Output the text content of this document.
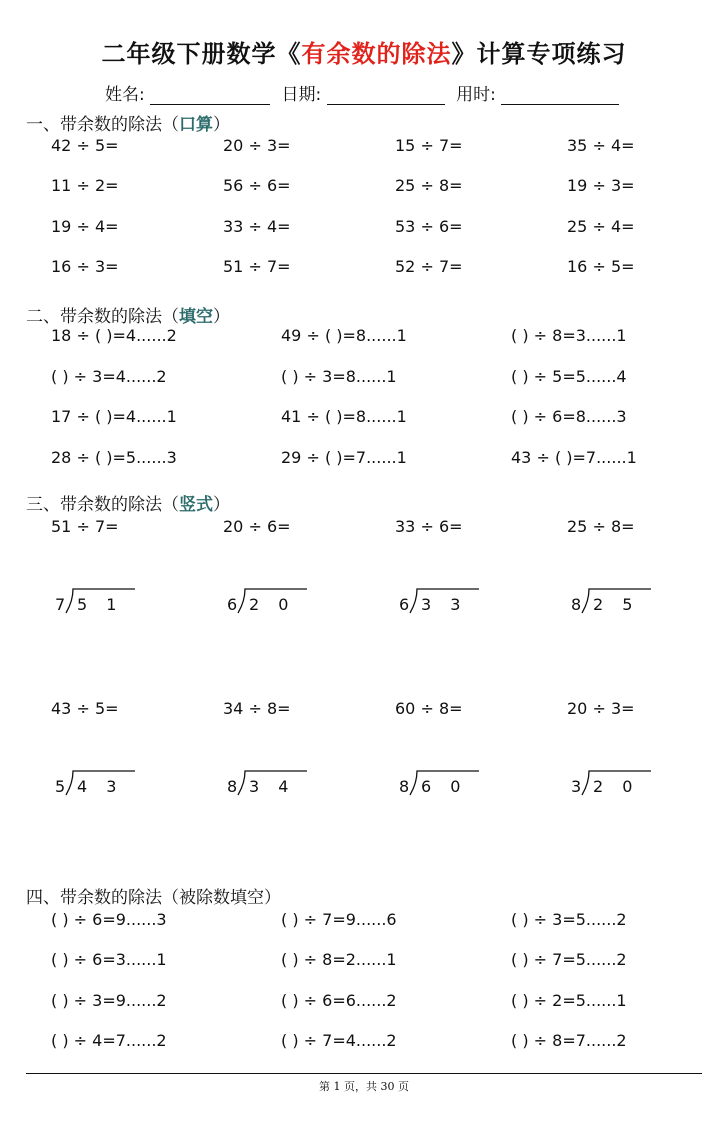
二年级下册数学《有余数的除法》计算专项练习
姓名:	日期:	用时:
一、带余数的除法（口算）
42 ÷ 5=	20 ÷ 3=	15 ÷ 7=	35 ÷ 4=
11 ÷ 2=	56 ÷ 6=	25 ÷ 8=	19 ÷ 3=
19 ÷ 4=	33 ÷ 4=	53 ÷ 6=	25 ÷ 4=
16 ÷ 3=	51 ÷ 7=	52 ÷ 7=	16 ÷ 5=
二、带余数的除法（填空）
18 ÷ ( )=4......2	49 ÷ ( )=8......1	( ) ÷ 8=3......1
( ) ÷ 3=4......2	( ) ÷ 3=8......1	( ) ÷ 5=5......4
17 ÷ ( )=4......1	41 ÷ ( )=8......1	( ) ÷ 6=8......3
28 ÷ ( )=5......3	29 ÷ ( )=7......1	43 ÷ ( )=7......1
三、带余数的除法（竖式）
51 ÷ 7=	20 ÷ 6=	33 ÷ 6=	25 ÷ 8=
7 5 1	6 2 0	6 3 3	8 2 5
43 ÷ 5=	34 ÷ 8=	60 ÷ 8=	20 ÷ 3=
5 4 3	8 3 4	8 6 0	3 2 0
四、带余数的除法（被除数填空）
( ) ÷ 6=9......3	( ) ÷ 7=9......6	( ) ÷ 3=5......2
( ) ÷ 6=3......1	( ) ÷ 8=2......1	( ) ÷ 7=5......2
( ) ÷ 3=9......2	( ) ÷ 6=6......2	( ) ÷ 2=5......1
( ) ÷ 4=7......2	( ) ÷ 7=4......2	( ) ÷ 8=7......2
第 1 页，共 30 页
